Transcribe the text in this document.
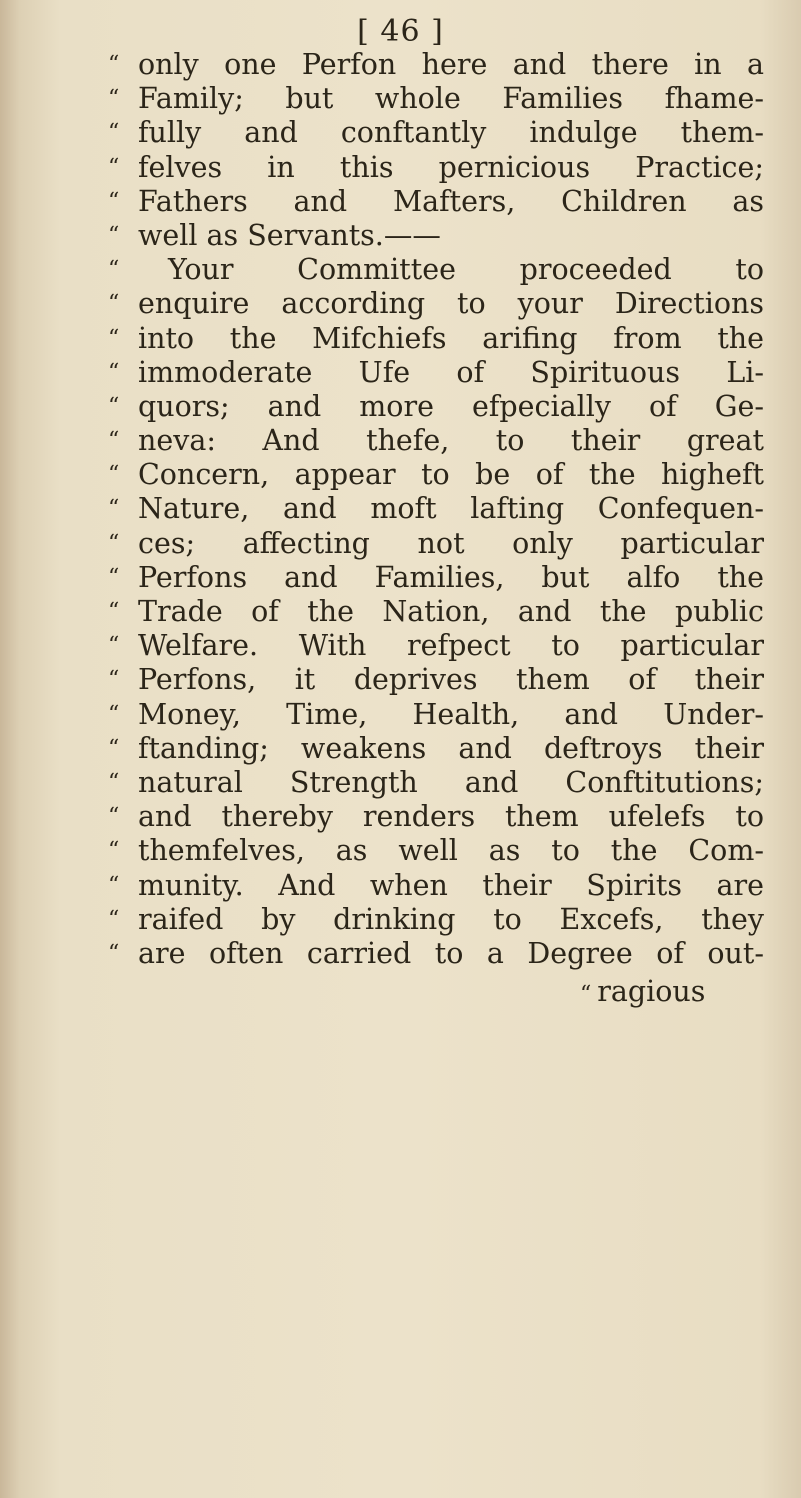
[ 46 ]
“ only one Perfon here and there in a
“ Family; but whole Families fhame-
“ fully and conftantly indulge them-
“ felves in this pernicious Practice;
“ Fathers and Mafters, Children as
“ well as Servants.——
“	Your Committee proceeded to
“ enquire according to your Directions
“ into the Mifchiefs arifing from the
“ immoderate Ufe of Spirituous Li-
“ quors; and more efpecially of Ge-
“ neva: And thefe, to their great
“ Concern, appear to be of the higheft
“ Nature, and moft lafting Confequen-
“ ces; affecting not only particular
“ Perfons and Families, but alfo the
“ Trade of the Nation, and the public
“ Welfare. With refpect to particular
“ Perfons, it deprives them of their
“ Money, Time, Health, and Under-
“ ftanding; weakens and deftroys their
“ natural Strength and Conftitutions;
“ and thereby renders them ufelefs to
“ themfelves, as well as to the Com-
“ munity. And when their Spirits are
“ raifed by drinking to Excefs, they
“ are often carried to a Degree of out-
“ ragious
